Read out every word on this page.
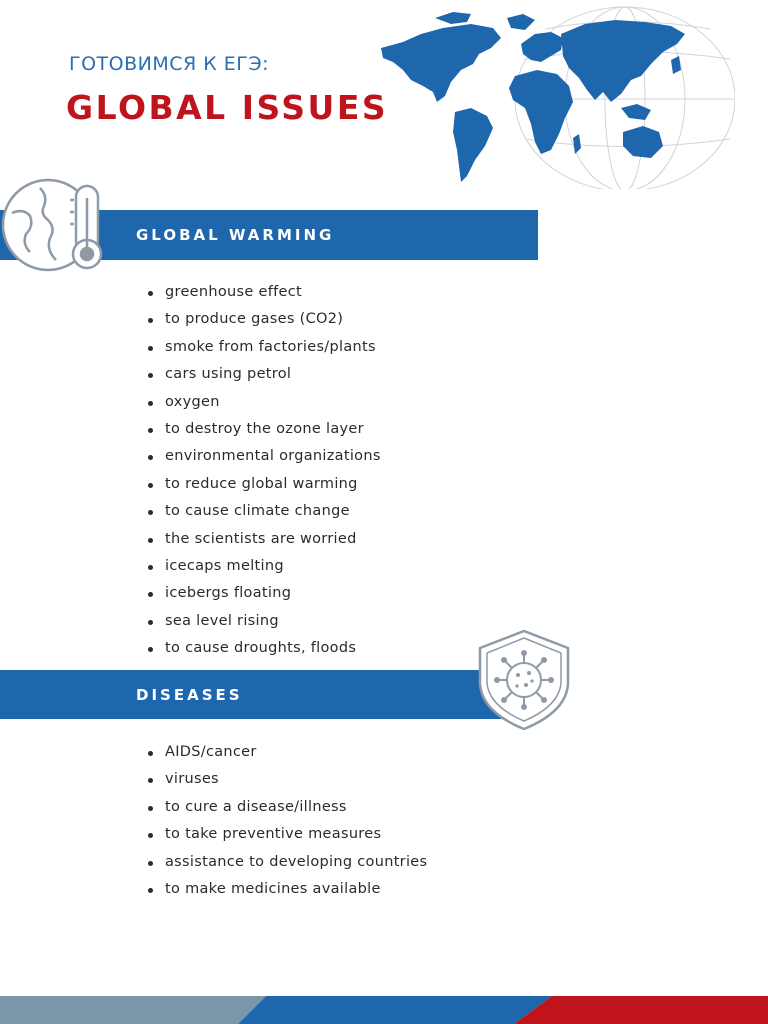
ГОТОВИМСЯ К ЕГЭ:
GLOBAL ISSUES
GLOBAL WARMING
greenhouse effect
to produce gases (CO2)
smoke from factories/plants
cars using petrol
oxygen
to destroy the ozone layer
environmental organizations
to reduce global warming
to cause climate change
the scientists are worried
icecaps melting
icebergs floating
sea level rising
to cause droughts, floods
DISEASES
AIDS/cancer
viruses
to cure a disease/illness
to take preventive measures
assistance to developing countries
to make medicines available
